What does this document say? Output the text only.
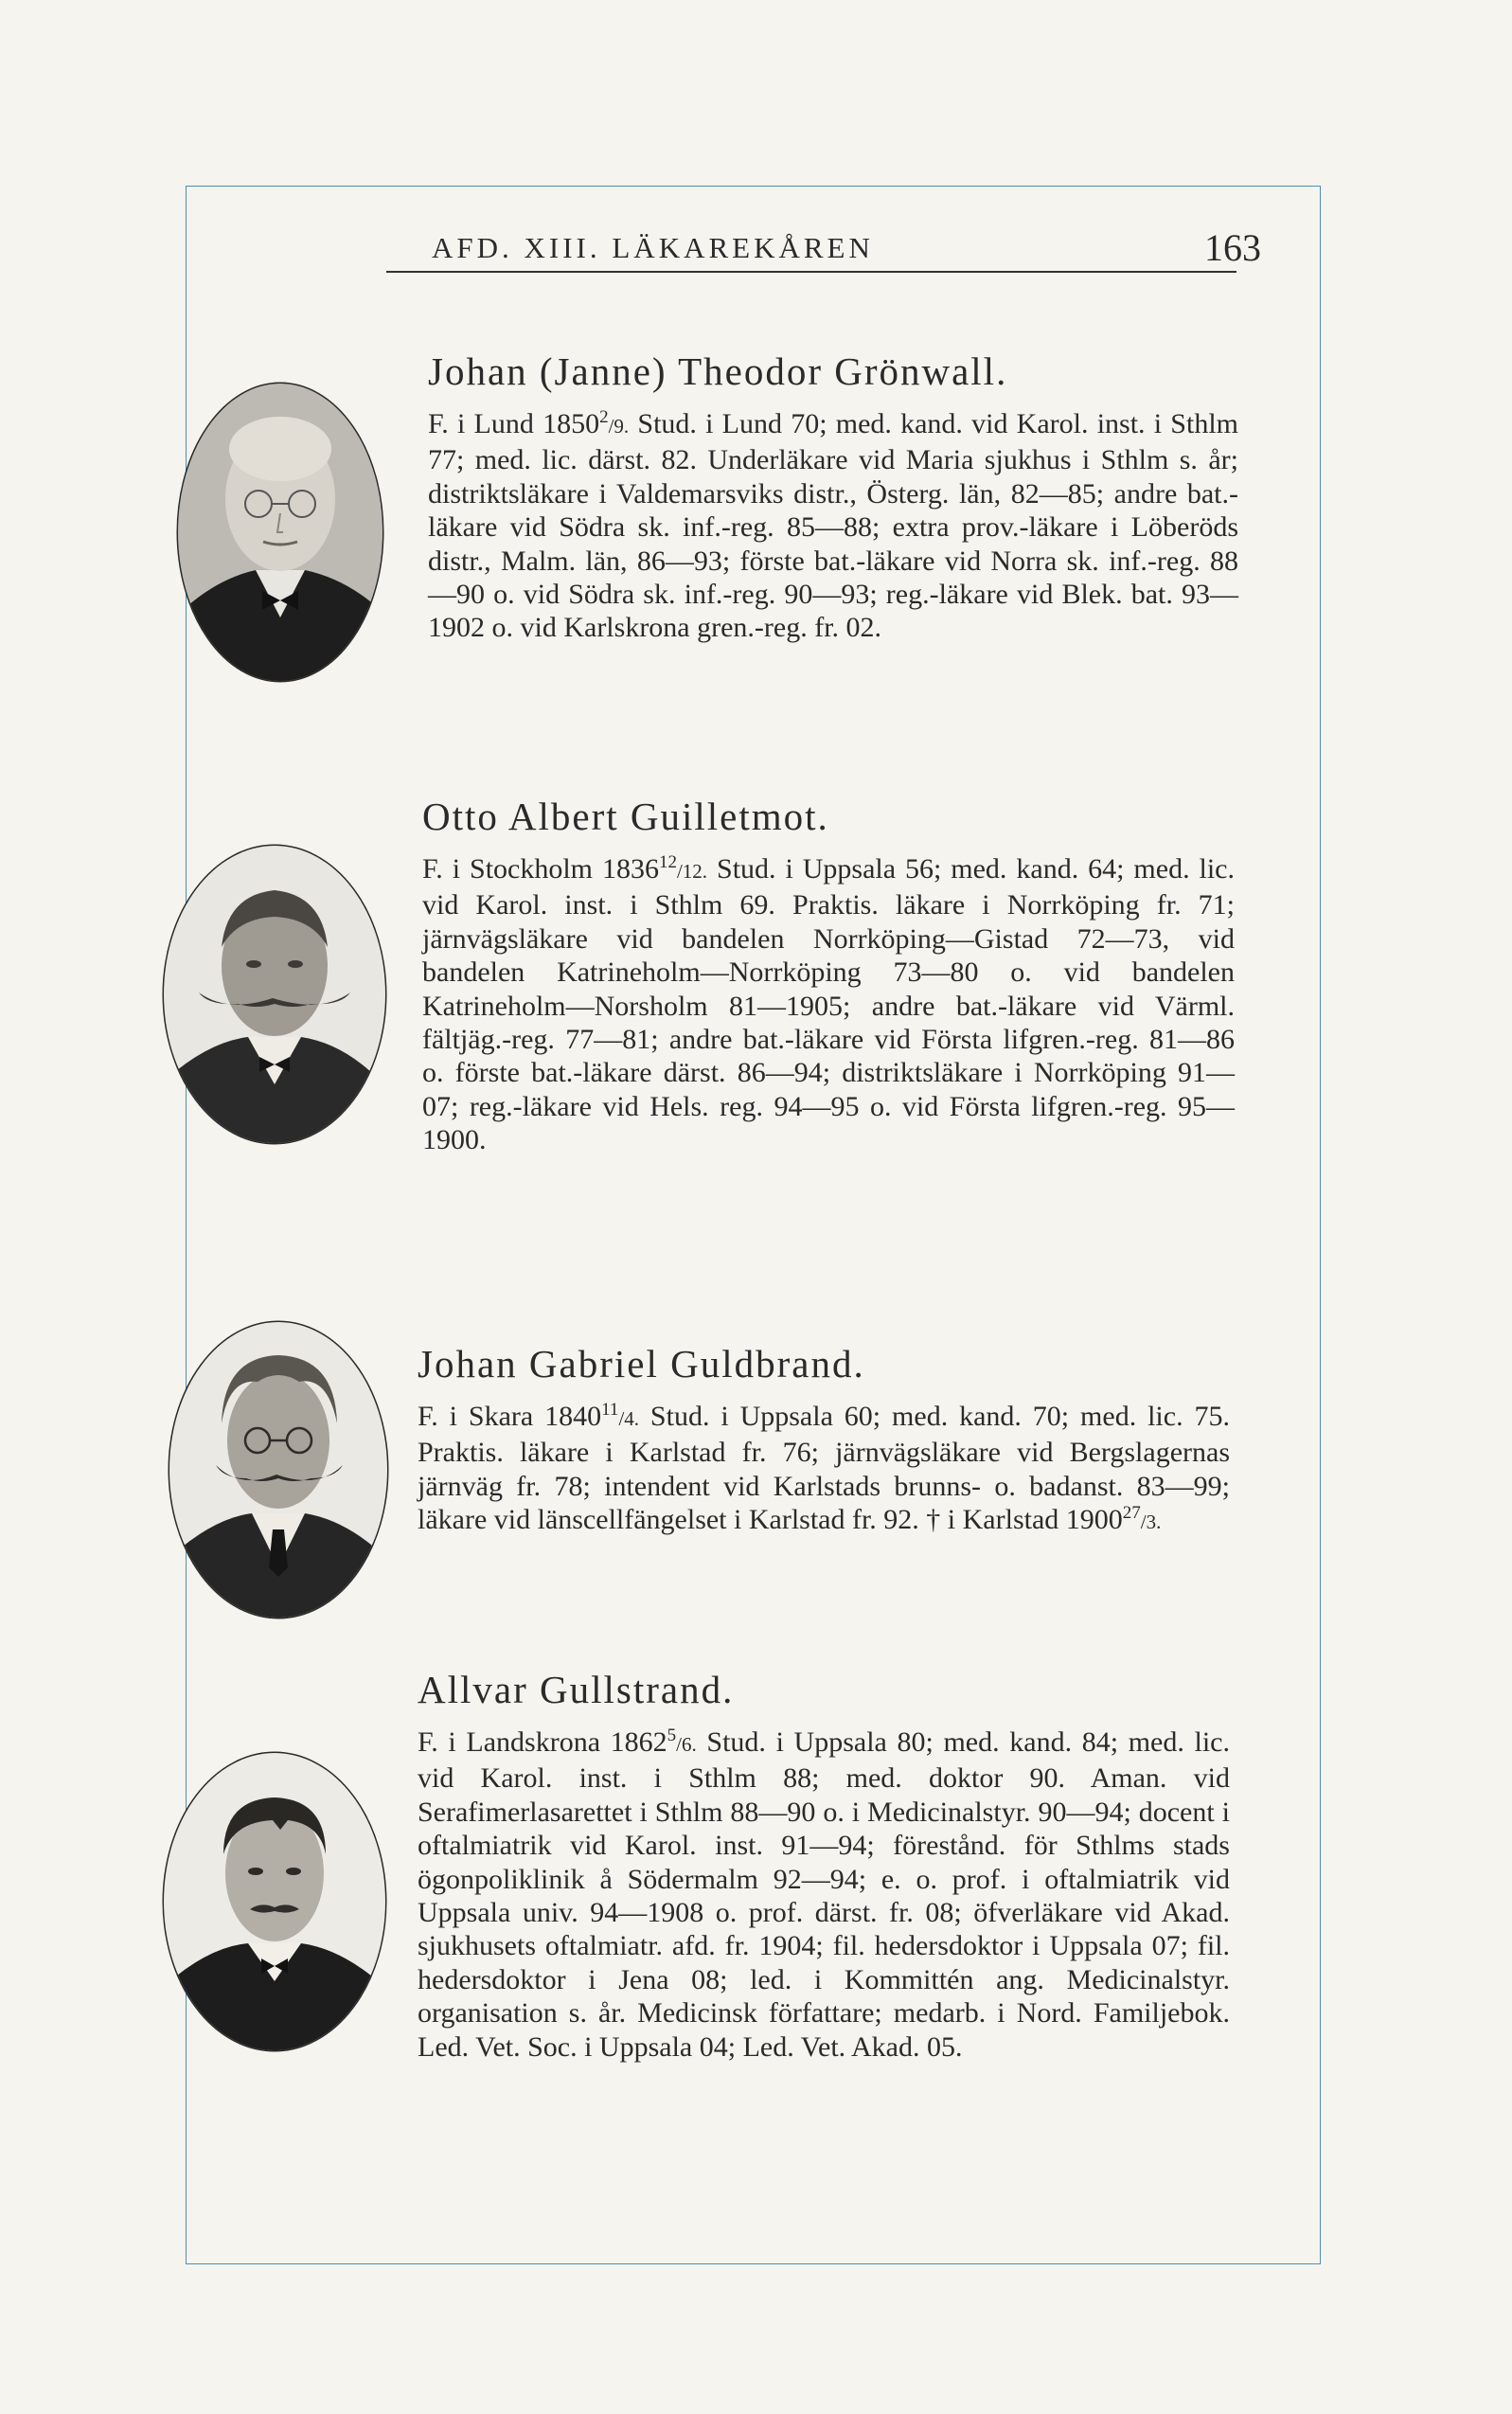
AFD. XIII. LÄKAREKÅREN	163
Johan (Janne) Theodor Grönwall.

F. i Lund 1850$^2$/9. Stud. i Lund 70; med. kand. vid Karol. inst. i Sthlm 77; med. lic. därst. 82. Underläkare vid Maria sjukhus i Sthlm s. år; distriktsläkare i Valdemarsviks distr., Österg. län, 82—85; andre bat.-läkare vid Södra sk. inf.-reg. 85—88; extra prov.-läkare i Löberöds distr., Malm. län, 86—93; förste bat.-läkare vid Norra sk. inf.-reg. 88—90 o. vid Södra sk. inf.-reg. 90—93; reg.-läkare vid Blek. bat. 93—1902 o. vid Karlskrona gren.-reg. fr. 02.

Otto Albert Guilletmot.

F. i Stockholm 1836$^{12}$/12. Stud. i Uppsala 56; med. kand. 64; med. lic. vid Karol. inst. i Sthlm 69. Praktis. läkare i Norrköping fr. 71; järnvägsläkare vid bandelen Norrköping—Gistad 72—73, vid bandelen Katrineholm—Norrköping 73—80 o. vid bandelen Katrineholm—Norsholm 81—1905; andre bat.-läkare vid Värml. fältjäg.-reg. 77—81; andre bat.-läkare vid Första lifgren.-reg. 81—86 o. förste bat.-läkare därst. 86—94; distriktsläkare i Norrköping 91—07; reg.-läkare vid Hels. reg. 94—95 o. vid Första lifgren.-reg. 95—1900.

Johan Gabriel Guldbrand.

F. i Skara 1840$^{11}$/4. Stud. i Uppsala 60; med. kand. 70; med. lic. 75. Praktis. läkare i Karlstad fr. 76; järnvägsläkare vid Bergslagernas järnväg fr. 78; intendent vid Karlstads brunns- o. badanst. 83—99; läkare vid länscellfängelset i Karlstad fr. 92. † i Karlstad 1900$^{27}$/3.

Allvar Gullstrand.

F. i Landskrona 1862$^5$/6. Stud. i Uppsala 80; med. kand. 84; med. lic. vid Karol. inst. i Sthlm 88; med. doktor 90. Aman. vid Serafimerlasarettet i Sthlm 88—90 o. i Medicinalstyr. 90—94; docent i oftalmiatrik vid Karol. inst. 91—94; förestånd. för Sthlms stads ögonpoliklinik å Södermalm 92—94; e. o. prof. i oftalmiatrik vid Uppsala univ. 94—1908 o. prof. därst. fr. 08; öfverläkare vid Akad. sjukhusets oftalmiatr. afd. fr. 1904; fil. hedersdoktor i Uppsala 07; fil. hedersdoktor i Jena 08; led. i Kommittén ang. Medicinalstyr. organisation s. år. Medicinsk författare; medarb. i Nord. Familjebok. Led. Vet. Soc. i Uppsala 04; Led. Vet. Akad. 05.
